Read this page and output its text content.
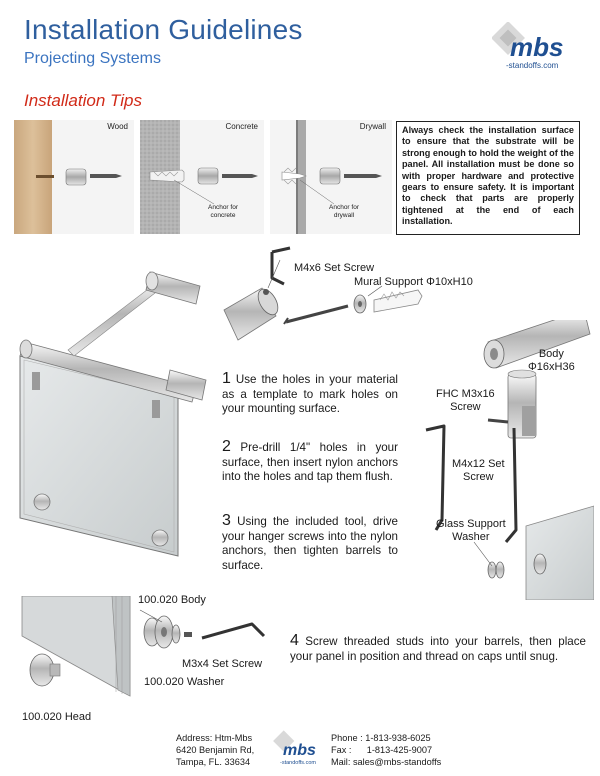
Installation Guidelines
Projecting Systems	mbs
-standoffs.com
Installation Tips
Wood	Concrete
Anchor for
concrete
Drywall
Anchor for
drywall
Always check the installation surface to ensure that the substrate will be strong enough to hold the weight of the panel. All installation must be done so with proper hardware and protective gears to ensure safety. It is important to check that parts are properly tightened at the end of each installation.
M4x6 Set Screw
Mural Support Φ10xH10
Body
Φ16xH36
FHC M3x16
Screw
M4x12 Set
Screw
Glass Support
Washer
1 Use the holes in your material as a template to mark holes on your mounting surface.
2 Pre-drill 1/4" holes in your surface, then insert nylon anchors into the holes and tap them flush.
3 Using the included tool, drive your hanger screws into the nylon anchors, then tighten barrels to surface.
100.020 Body
M3x4 Set Screw
100.020 Washer
100.020 Head
4 Screw threaded studs into your barrels, then place your panel in position and thread on caps until snug.
Address: Htm-Mbs
6420 Benjamin Rd,
Tampa, FL. 33634
mbs
-standoffs.com
Phone : 1-813-938-6025
Fax :      1-813-425-9007
Mail: sales@mbs-standoffs
